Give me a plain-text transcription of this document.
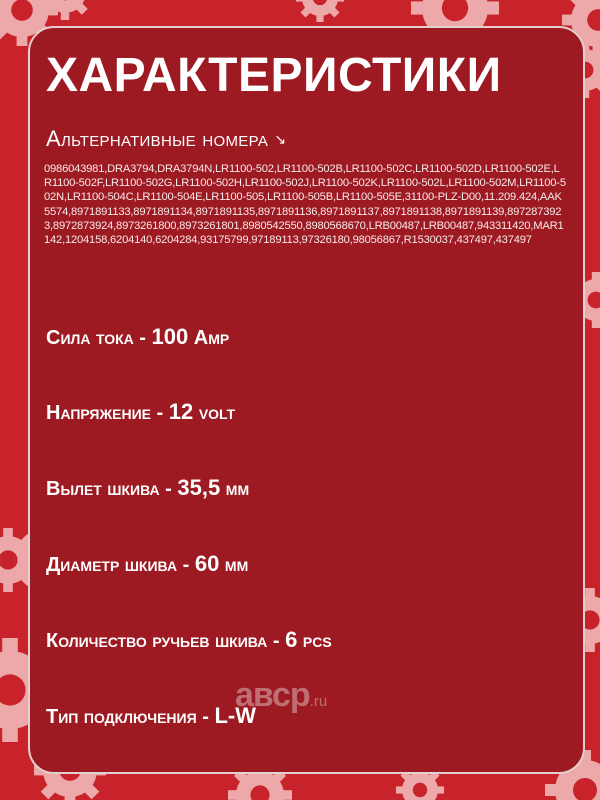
ХАРАКТЕРИСТИКИ
Альтернативные номера ↘
0986043981,DRA3794,DRA3794N,LR1100-502,LR1100-502B,LR1100-502C,LR1100-502D,LR1100-502E,LR1100-502F,LR1100-502G,LR1100-502H,LR1100-502J,LR1100-502K,LR1100-502L,LR1100-502M,LR1100-502N,LR1100-504C,LR1100-504E,LR1100-505,LR1100-505B,LR1100-505E,31100-PLZ-D00,11.209.424,AAK5574,8971891133,8971891134,8971891135,8971891136,8971891137,8971891138,8971891139,8972873923,8972873924,8973261800,8973261801,8980542550,8980568670,LRB00487,LRB00487,943311420,MAR1142,1204158,6204140,6204284,93175799,97189113,97326180,98056867,R1530037,437497,437497
Сила тока - 100 Amp
Напряжение - 12 volt
Вылет шкива - 35,5 мм
Диаметр шкива - 60 мм
Количество ручьев шкива - 6 pcs
Тип подключения - L-W
aвсp.ru
